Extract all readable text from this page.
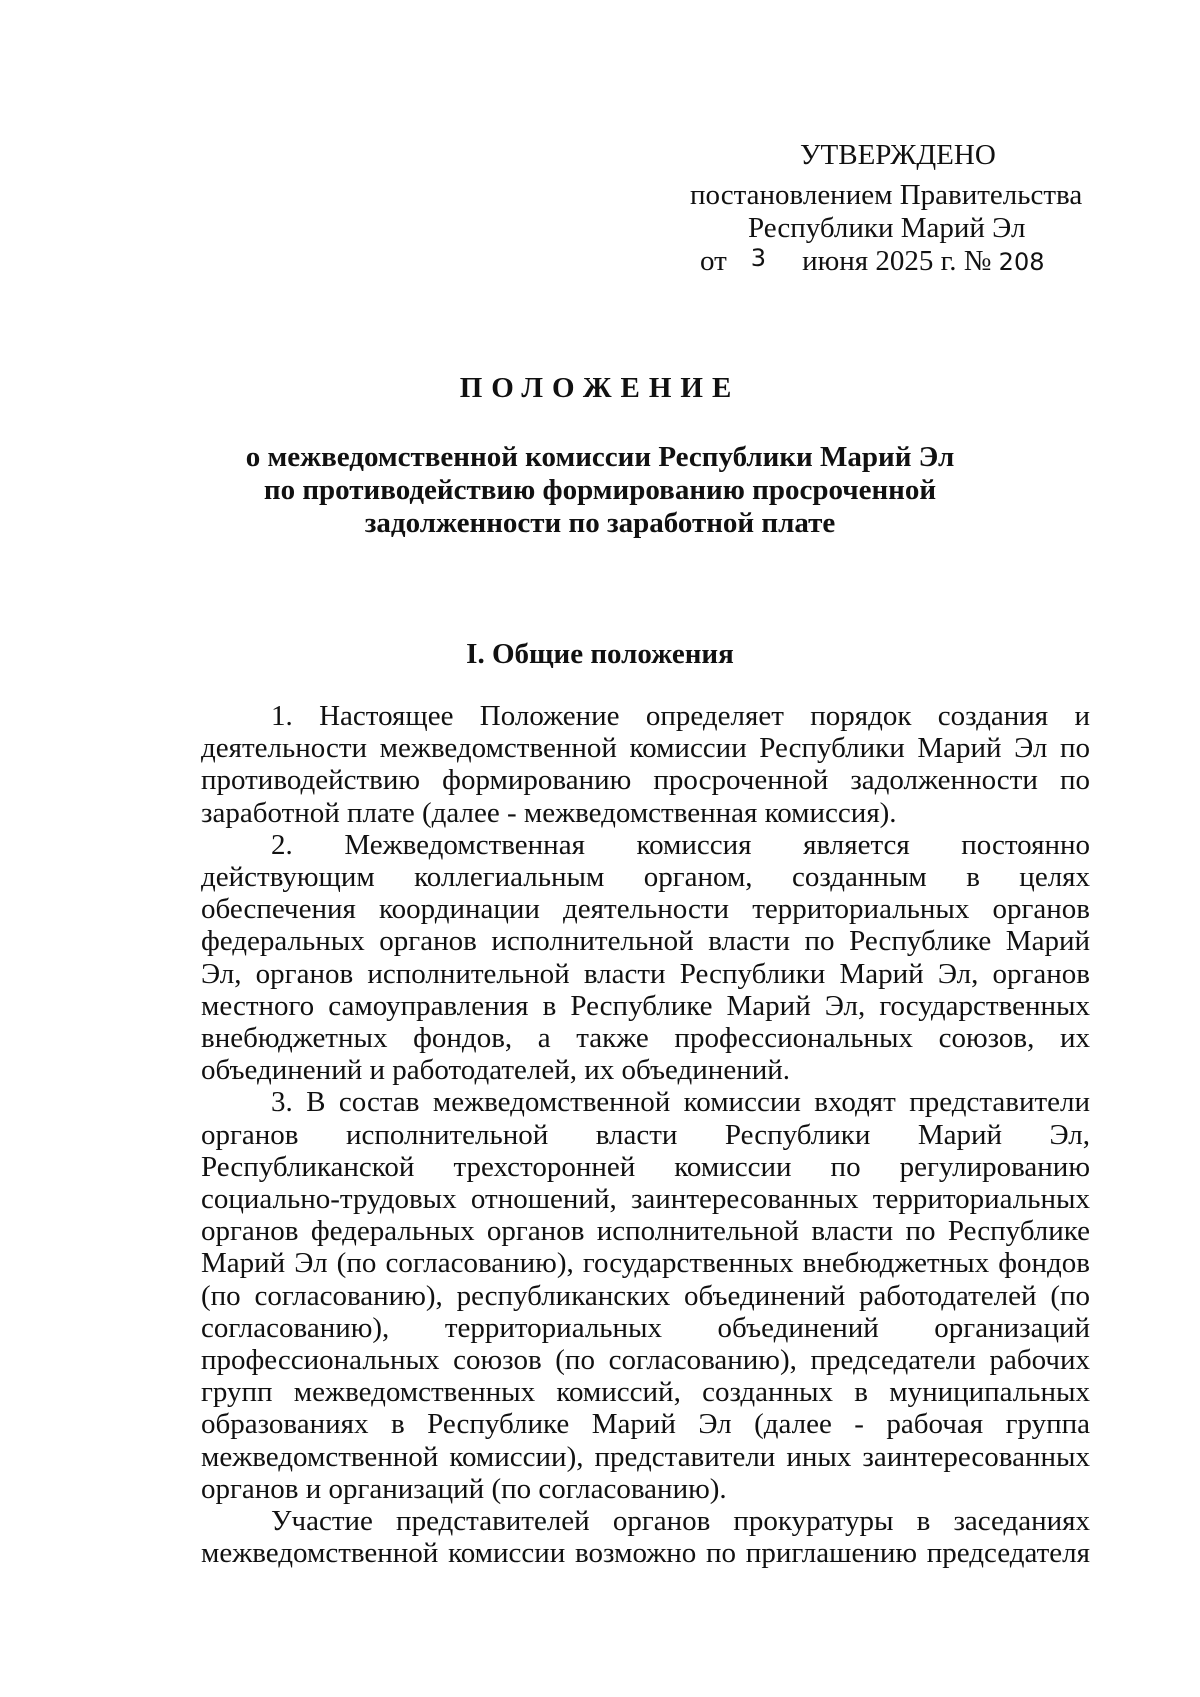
УТВЕРЖДЕНО
постановлением Правительства
Республики Марий Эл
от 3 июня 2025 г. № 208
ПОЛОЖЕНИЕ
о межведомственной комиссии Республики Марий Эл
по противодействию формированию просроченной
задолженности по заработной плате
I. Общие положения

1. Настоящее Положение определяет порядок создания и деятельности межведомственной комиссии Республики Марий Эл по противодействию формированию просроченной задолженности по заработной плате (далее - межведомственная комиссия).

2. Межведомственная комиссия является постоянно действующим коллегиальным органом, созданным в целях обеспечения координации деятельности территориальных органов федеральных органов исполнительной власти по Республике Марий Эл, органов исполнительной власти Республики Марий Эл, органов местного самоуправления в Республике Марий Эл, государственных внебюджетных фондов, а также профессиональных союзов, их объединений и работодателей, их объединений.

3. В состав межведомственной комиссии входят представители органов исполнительной власти Республики Марий Эл, Республиканской трехсторонней комиссии по регулированию социально-трудовых отношений, заинтересованных территориальных органов федеральных органов исполнительной власти по Республике Марий Эл (по согласованию), государственных внебюджетных фондов (по согласованию), республиканских объединений работодателей (по согласованию), территориальных объединений организаций профессиональных союзов (по согласованию), председатели рабочих групп межведомственных комиссий, созданных в муниципальных образованиях в Республике Марий Эл (далее - рабочая группа межведомственной комиссии), представители иных заинтересованных органов и организаций (по согласованию).

Участие представителей органов прокуратуры в заседаниях межведомственной комиссии возможно по приглашению председателя
